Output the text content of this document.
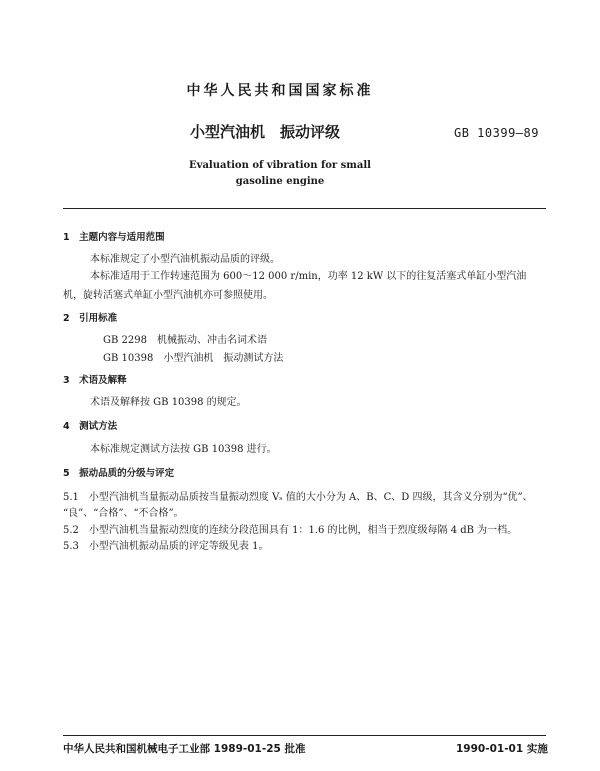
中华人民共和国国家标准
小型汽油机　振动评级	GB 10399—89
Evaluation of vibration for small
gasoline engine
1　主题内容与适用范围
本标准规定了小型汽油机振动品质的评级。
本标准适用于工作转速范围为 600～12 000 r/min，功率 12 kW 以下的往复活塞式单缸小型汽油
机，旋转活塞式单缸小型汽油机亦可参照使用。
2　引用标准
GB 2298　机械振动、冲击名词术语
GB 10398　小型汽油机　振动测试方法
3　术语及解释
术语及解释按 GB 10398 的规定。
4　测试方法
本标准规定测试方法按 GB 10398 进行。
5　振动品质的分级与评定
5.1　小型汽油机当量振动品质按当量振动烈度 Vₛ 值的大小分为 A、B、C、D 四级，其含义分别为“优”、
“良”、“合格”、“不合格”。
5.2　小型汽油机当量振动烈度的连续分段范围具有 1：1.6 的比例，相当于烈度级每隔 4 dB 为一档。
5.3　小型汽油机振动品质的评定等级见表 1。
中华人民共和国机械电子工业部 1989-01-25 批准	1990-01-01 实施
